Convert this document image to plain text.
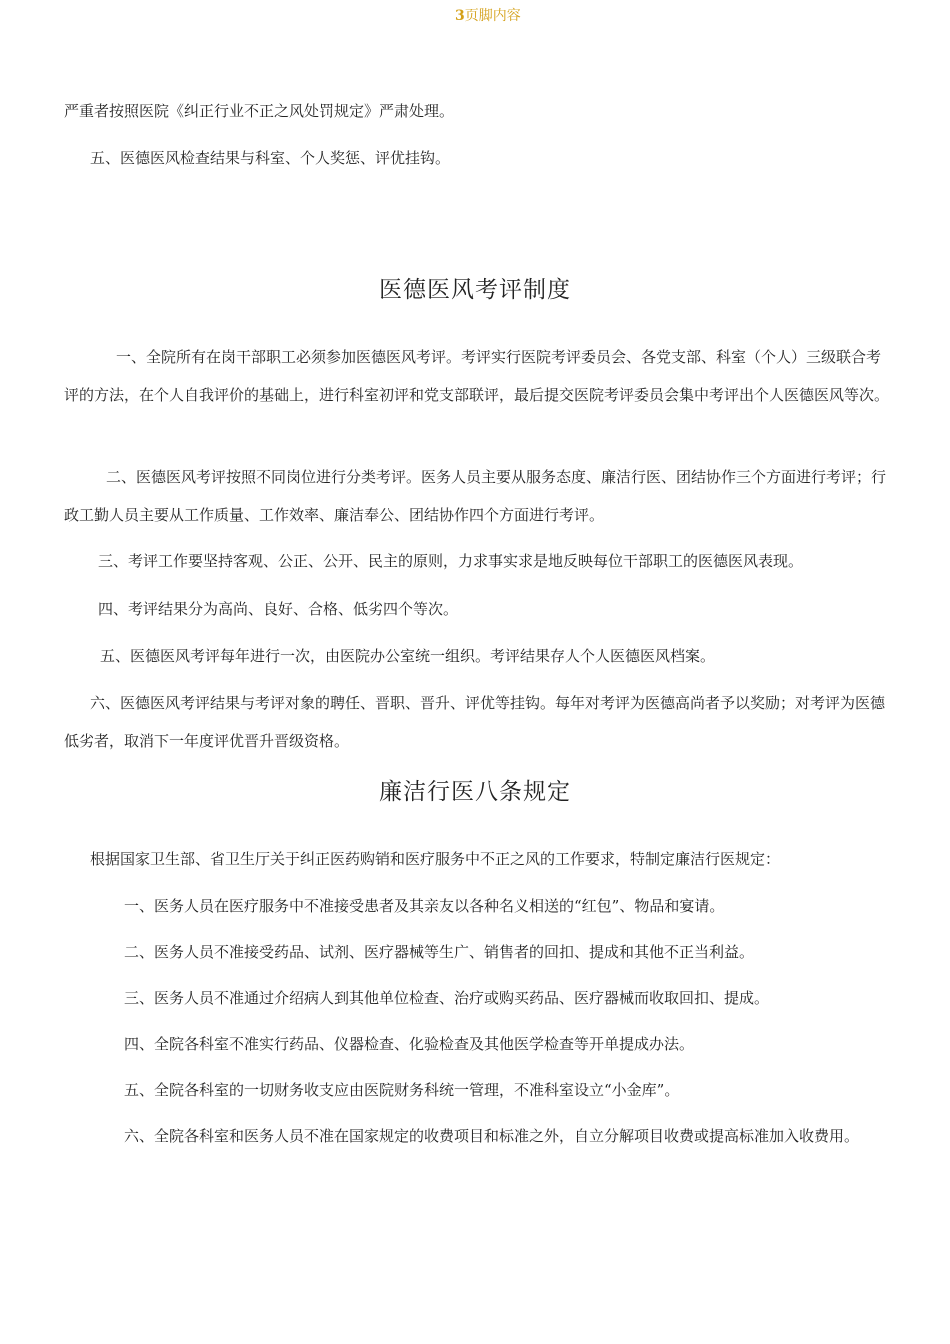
3页脚内容

严重者按照医院《纠正行业不正之风处罚规定》严肃处理。

五、医德医风检查结果与科室、个人奖惩、评优挂钩。

医德医风考评制度

一、全院所有在岗干部职工必须参加医德医风考评。考评实行医院考评委员会、各党支部、科室（个人）三级联合考评的方法，在个人自我评价的基础上，进行科室初评和党支部联评，最后提交医院考评委员会集中考评出个人医德医风等次。

二、医德医风考评按照不同岗位进行分类考评。医务人员主要从服务态度、廉洁行医、团结协作三个方面进行考评；行政工勤人员主要从工作质量、工作效率、廉洁奉公、团结协作四个方面进行考评。

三、考评工作要坚持客观、公正、公开、民主的原则，力求事实求是地反映每位干部职工的医德医风表现。

四、考评结果分为高尚、良好、合格、低劣四个等次。

五、医德医风考评每年进行一次，由医院办公室统一组织。考评结果存人个人医德医风档案。

六、医德医风考评结果与考评对象的聘任、晋职、晋升、评优等挂钩。每年对考评为医德高尚者予以奖励；对考评为医德低劣者，取消下一年度评优晋升晋级资格。

廉洁行医八条规定

根据国家卫生部、省卫生厅关于纠正医药购销和医疗服务中不正之风的工作要求，特制定廉洁行医规定：

一、医务人员在医疗服务中不准接受患者及其亲友以各种名义相送的“红包”、物品和宴请。

二、医务人员不准接受药品、试剂、医疗器械等生广、销售者的回扣、提成和其他不正当利益。

三、医务人员不准通过介绍病人到其他单位检查、治疗或购买药品、医疗器械而收取回扣、提成。

四、全院各科室不准实行药品、仪器检查、化验检查及其他医学检查等开单提成办法。

五、全院各科室的一切财务收支应由医院财务科统一管理，不准科室设立“小金库”。

六、全院各科室和医务人员不准在国家规定的收费项目和标准之外，自立分解项目收费或提高标准加入收费用。
